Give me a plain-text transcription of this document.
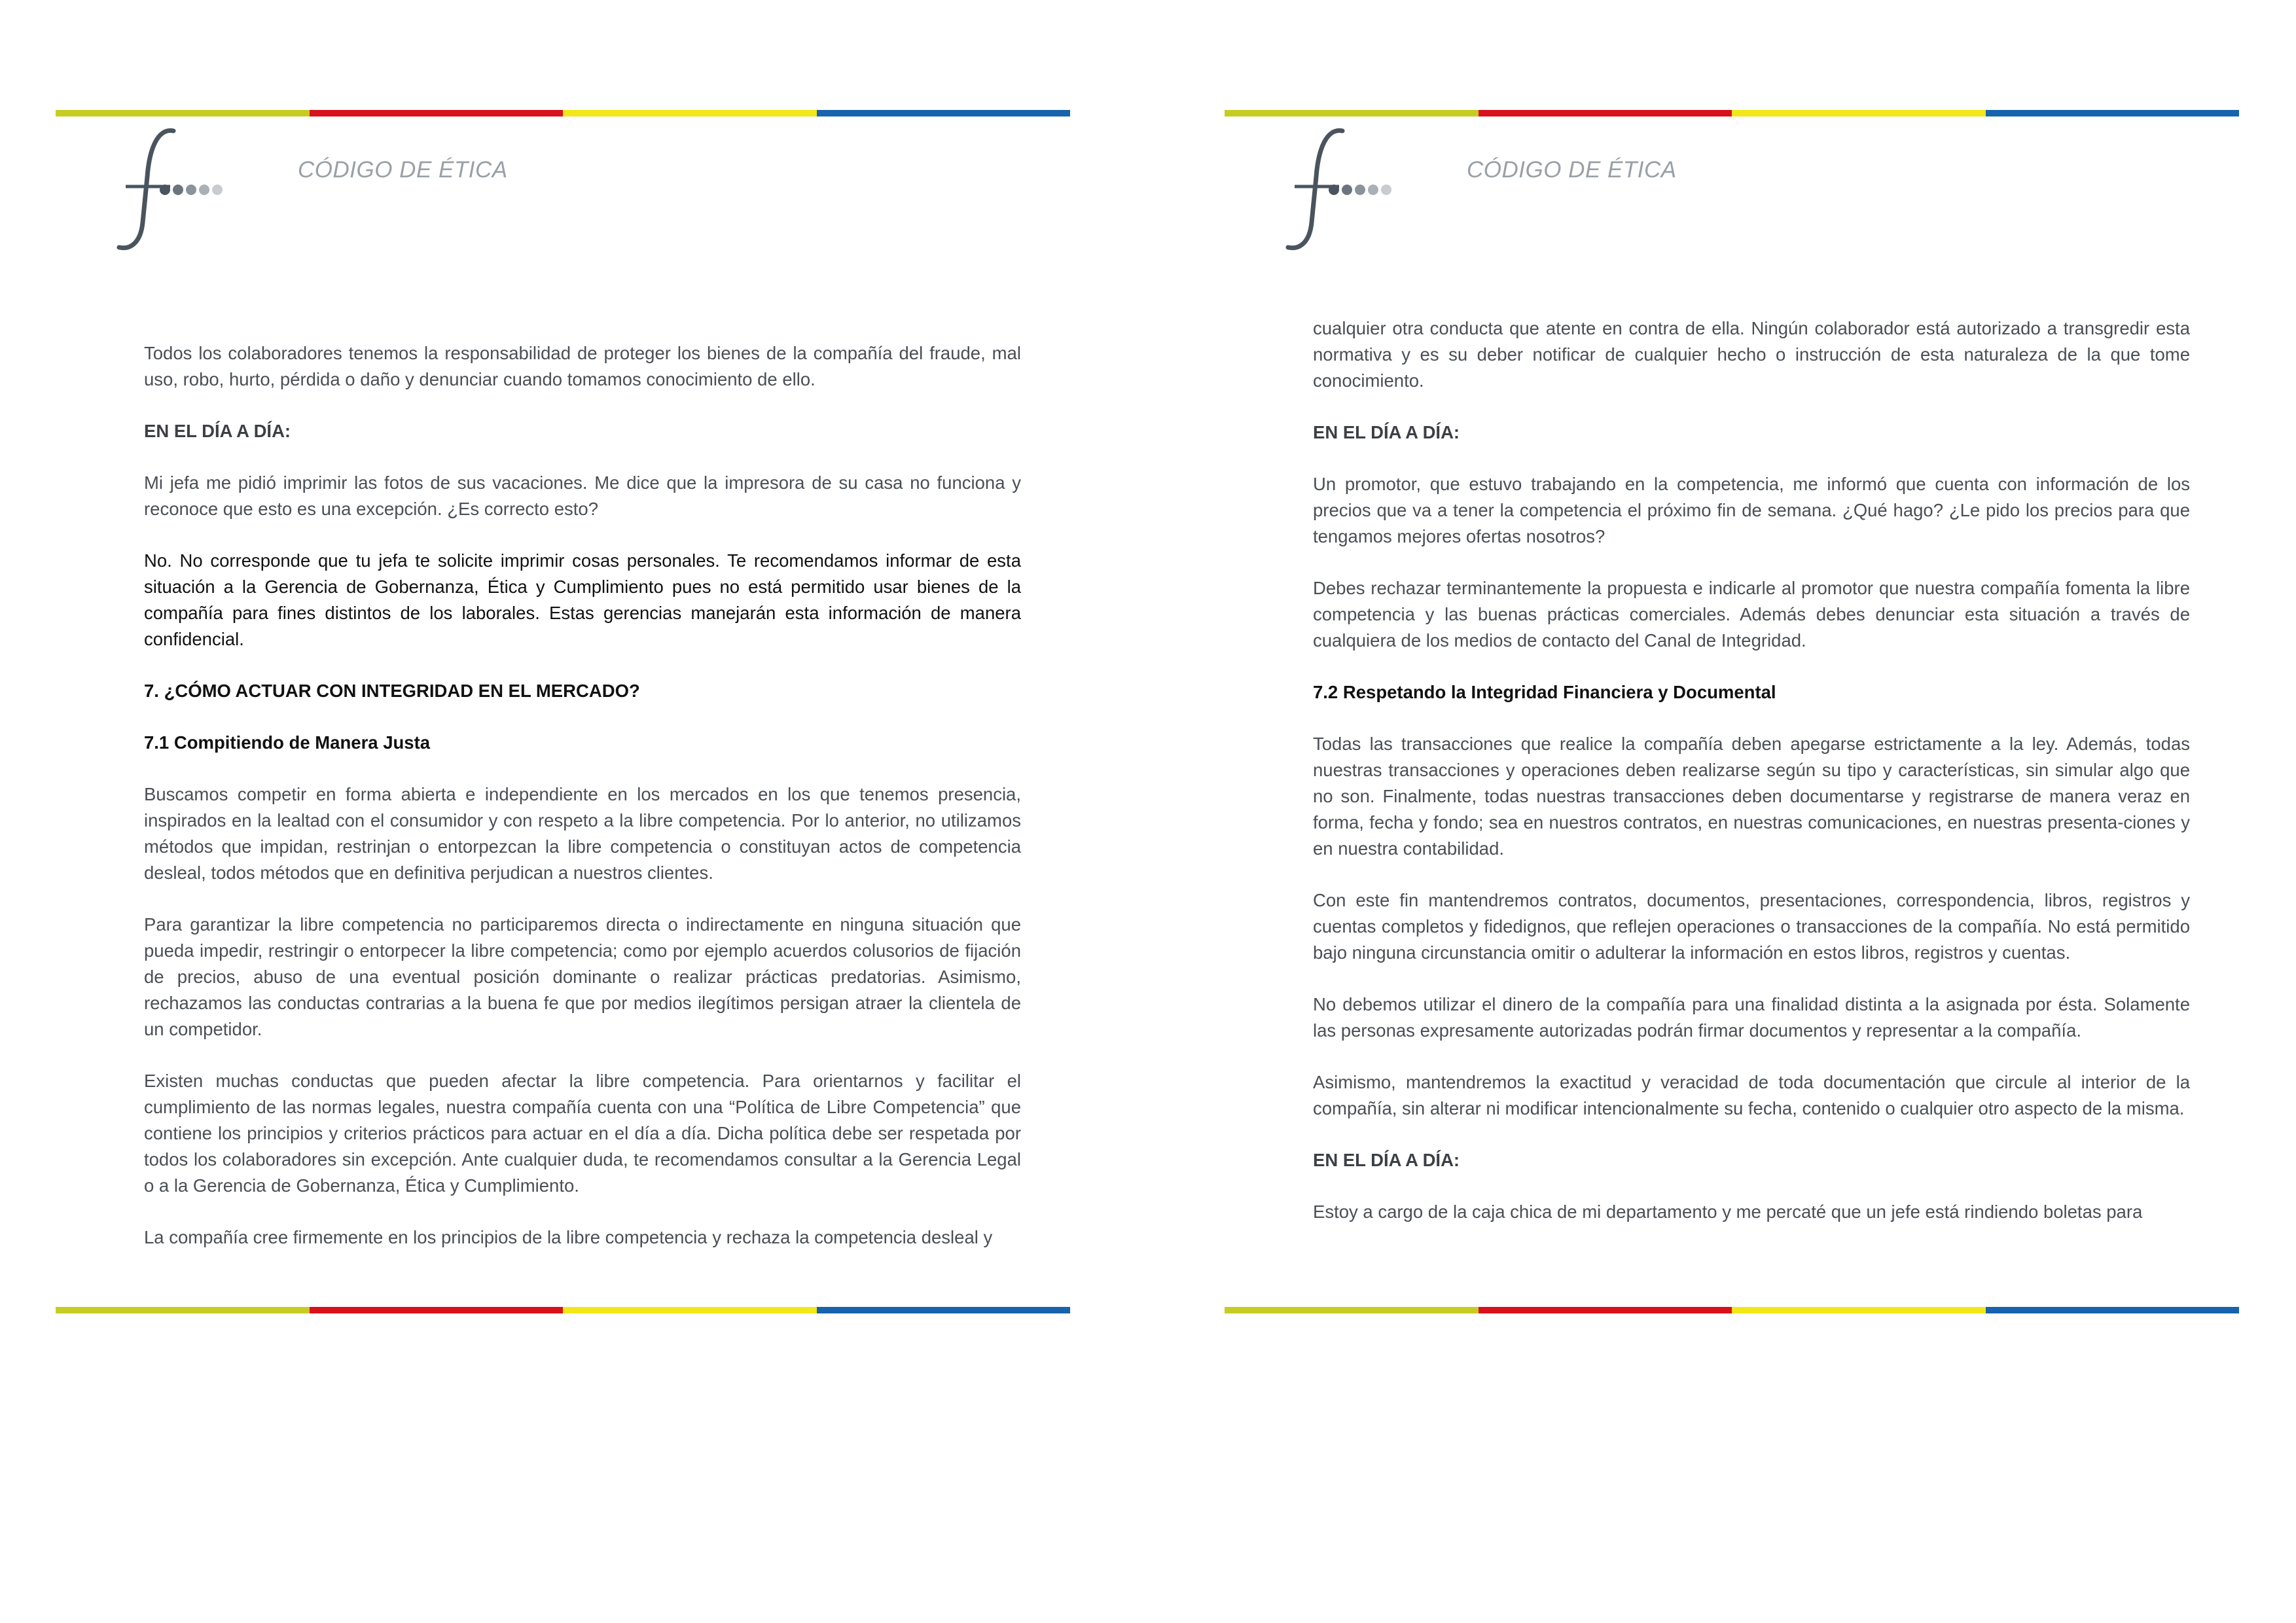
CÓDIGO DE ÉTICA

Todos los colaboradores tenemos la responsabilidad de proteger los bienes de la compañía del fraude, mal uso, robo, hurto, pérdida o daño y denunciar cuando tomamos conocimiento de ello.

EN EL DÍA A DÍA:

Mi jefa me pidió imprimir las fotos de sus vacaciones. Me dice que la impresora de su casa no funciona y reconoce que esto es una excepción. ¿Es correcto esto?

No. No corresponde que tu jefa te solicite imprimir cosas personales. Te recomendamos informar de esta situación a la Gerencia de Gobernanza, Ética y Cumplimiento pues no está permitido usar bienes de la compañía para fines distintos de los laborales. Estas gerencias manejarán esta información de manera confidencial.

7. ¿CÓMO ACTUAR CON INTEGRIDAD EN EL MERCADO?

7.1 Compitiendo de Manera Justa

Buscamos competir en forma abierta e independiente en los mercados en los que tenemos presencia, inspirados en la lealtad con el consumidor y con respeto a la libre competencia. Por lo anterior, no utilizamos métodos que impidan, restrinjan o entorpezcan la libre competencia o constituyan actos de competencia desleal, todos métodos que en definitiva perjudican a nuestros clientes.

Para garantizar la libre competencia no participaremos directa o indirectamente en ninguna situación que pueda impedir, restringir o entorpecer la libre competencia; como por ejemplo acuerdos colusorios de fijación de precios, abuso de una eventual posición dominante o realizar prácticas predatorias. Asimismo, rechazamos las conductas contrarias a la buena fe que por medios ilegítimos persigan atraer la clientela de un competidor.

Existen muchas conductas que pueden afectar la libre competencia. Para orientarnos y facilitar el cumplimiento de las normas legales, nuestra compañía cuenta con una “Política de Libre Competencia” que contiene los principios y criterios prácticos para actuar en el día a día. Dicha política debe ser respetada por todos los colaboradores sin excepción. Ante cualquier duda, te recomendamos consultar a la Gerencia Legal o a la Gerencia de Gobernanza, Ética y Cumplimiento.

La compañía cree firmemente en los principios de la libre competencia y rechaza la competencia desleal y

CÓDIGO DE ÉTICA

cualquier otra conducta que atente en contra de ella. Ningún colaborador está autorizado a transgredir esta normativa y es su deber notificar de cualquier hecho o instrucción de esta naturaleza de la que tome conocimiento.

EN EL DÍA A DÍA:

Un promotor, que estuvo trabajando en la competencia, me informó que cuenta con información de los precios que va a tener la competencia el próximo fin de semana. ¿Qué hago? ¿Le pido los precios para que tengamos mejores ofertas nosotros?

Debes rechazar terminantemente la propuesta e indicarle al promotor que nuestra compañía fomenta la libre competencia y las buenas prácticas comerciales. Además debes denunciar esta situación a través de cualquiera de los medios de contacto del Canal de Integridad.

7.2 Respetando la Integridad Financiera y Documental

Todas las transacciones que realice la compañía deben apegarse estrictamente a la ley. Además, todas nuestras transacciones y operaciones deben realizarse según su tipo y características, sin simular algo que no son. Finalmente, todas nuestras transacciones deben documentarse y registrarse de manera veraz en forma, fecha y fondo; sea en nuestros contratos, en nuestras comunicaciones, en nuestras presenta-ciones y en nuestra contabilidad.

Con este fin mantendremos contratos, documentos, presentaciones, correspondencia, libros, registros y cuentas completos y fidedignos, que reflejen operaciones o transacciones de la compañía. No está permitido bajo ninguna circunstancia omitir o adulterar la información en estos libros, registros y cuentas.

No debemos utilizar el dinero de la compañía para una finalidad distinta a la asignada por ésta. Solamente las personas expresamente autorizadas podrán firmar documentos y representar a la compañía.

Asimismo, mantendremos la exactitud y veracidad de toda documentación que circule al interior de la compañía, sin alterar ni modificar intencionalmente su fecha, contenido o cualquier otro aspecto de la misma.

EN EL DÍA A DÍA:

Estoy a cargo de la caja chica de mi departamento y me percaté que un jefe está rindiendo boletas para
